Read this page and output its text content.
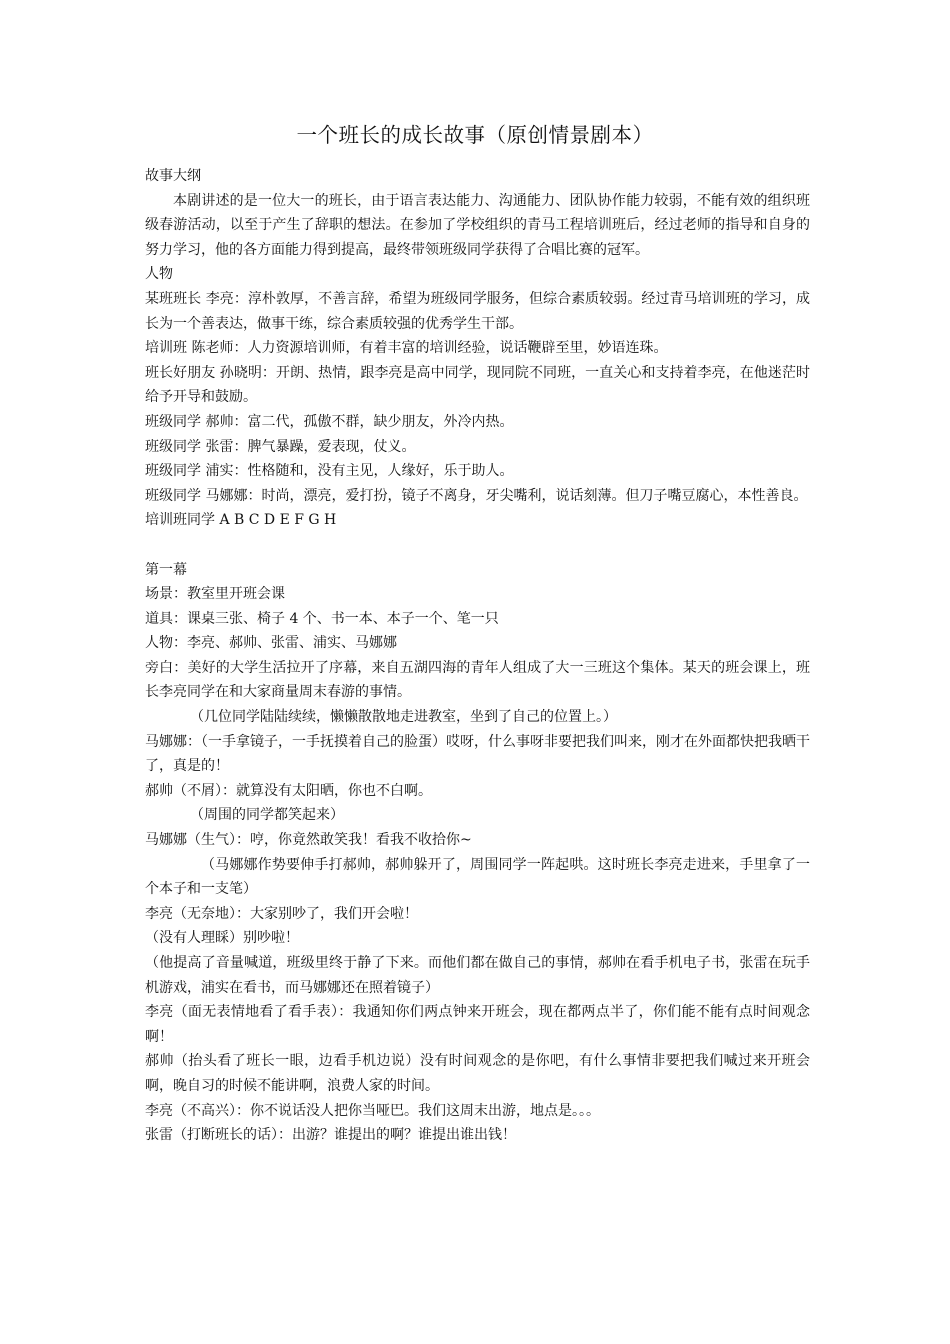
一个班长的成长故事（原创情景剧本）

故事大纲

本剧讲述的是一位大一的班长，由于语言表达能力、沟通能力、团队协作能力较弱，不能有效的组织班级春游活动，以至于产生了辞职的想法。在参加了学校组织的青马工程培训班后，经过老师的指导和自身的努力学习，他的各方面能力得到提高，最终带领班级同学获得了合唱比赛的冠军。

人物

某班班长 李亮：淳朴敦厚，不善言辞，希望为班级同学服务，但综合素质较弱。经过青马培训班的学习，成长为一个善表达，做事干练，综合素质较强的优秀学生干部。

培训班 陈老师：人力资源培训师，有着丰富的培训经验，说话鞭辟至里，妙语连珠。

班长好朋友 孙晓明：开朗、热情，跟李亮是高中同学，现同院不同班，一直关心和支持着李亮，在他迷茫时给予开导和鼓励。

班级同学 郝帅：富二代，孤傲不群，缺少朋友，外冷内热。

班级同学 张雷：脾气暴躁，爱表现，仗义。

班级同学 浦实：性格随和，没有主见，人缘好，乐于助人。

班级同学 马娜娜：时尚，漂亮，爱打扮，镜子不离身，牙尖嘴利，说话刻薄。但刀子嘴豆腐心，本性善良。

培训班同学 A B C D E F G H

第一幕

场景：教室里开班会课

道具：课桌三张、椅子 4 个、书一本、本子一个、笔一只

人物：李亮、郝帅、张雷、浦实、马娜娜

旁白：美好的大学生活拉开了序幕，来自五湖四海的青年人组成了大一三班这个集体。某天的班会课上，班长李亮同学在和大家商量周末春游的事情。

（几位同学陆陆续续，懒懒散散地走进教室，坐到了自己的位置上。）

马娜娜：（一手拿镜子，一手抚摸着自己的脸蛋）哎呀，什么事呀非要把我们叫来，刚才在外面都快把我晒干了，真是的！

郝帅（不屑）：就算没有太阳晒，你也不白啊。

（周围的同学都笑起来）

马娜娜（生气）：哼，你竟然敢笑我！看我不收拾你~

（马娜娜作势要伸手打郝帅，郝帅躲开了，周围同学一阵起哄。这时班长李亮走进来，手里拿了一个本子和一支笔）

李亮（无奈地）：大家别吵了，我们开会啦！

（没有人理睬）别吵啦！

（他提高了音量喊道，班级里终于静了下来。而他们都在做自己的事情，郝帅在看手机电子书，张雷在玩手机游戏，浦实在看书，而马娜娜还在照着镜子）

李亮（面无表情地看了看手表）：我通知你们两点钟来开班会，现在都两点半了，你们能不能有点时间观念啊！

郝帅（抬头看了班长一眼，边看手机边说）没有时间观念的是你吧，有什么事情非要把我们喊过来开班会啊，晚自习的时候不能讲啊，浪费人家的时间。

李亮（不高兴）：你不说话没人把你当哑巴。我们这周末出游，地点是。。。

张雷（打断班长的话）：出游？谁提出的啊？谁提出谁出钱！
